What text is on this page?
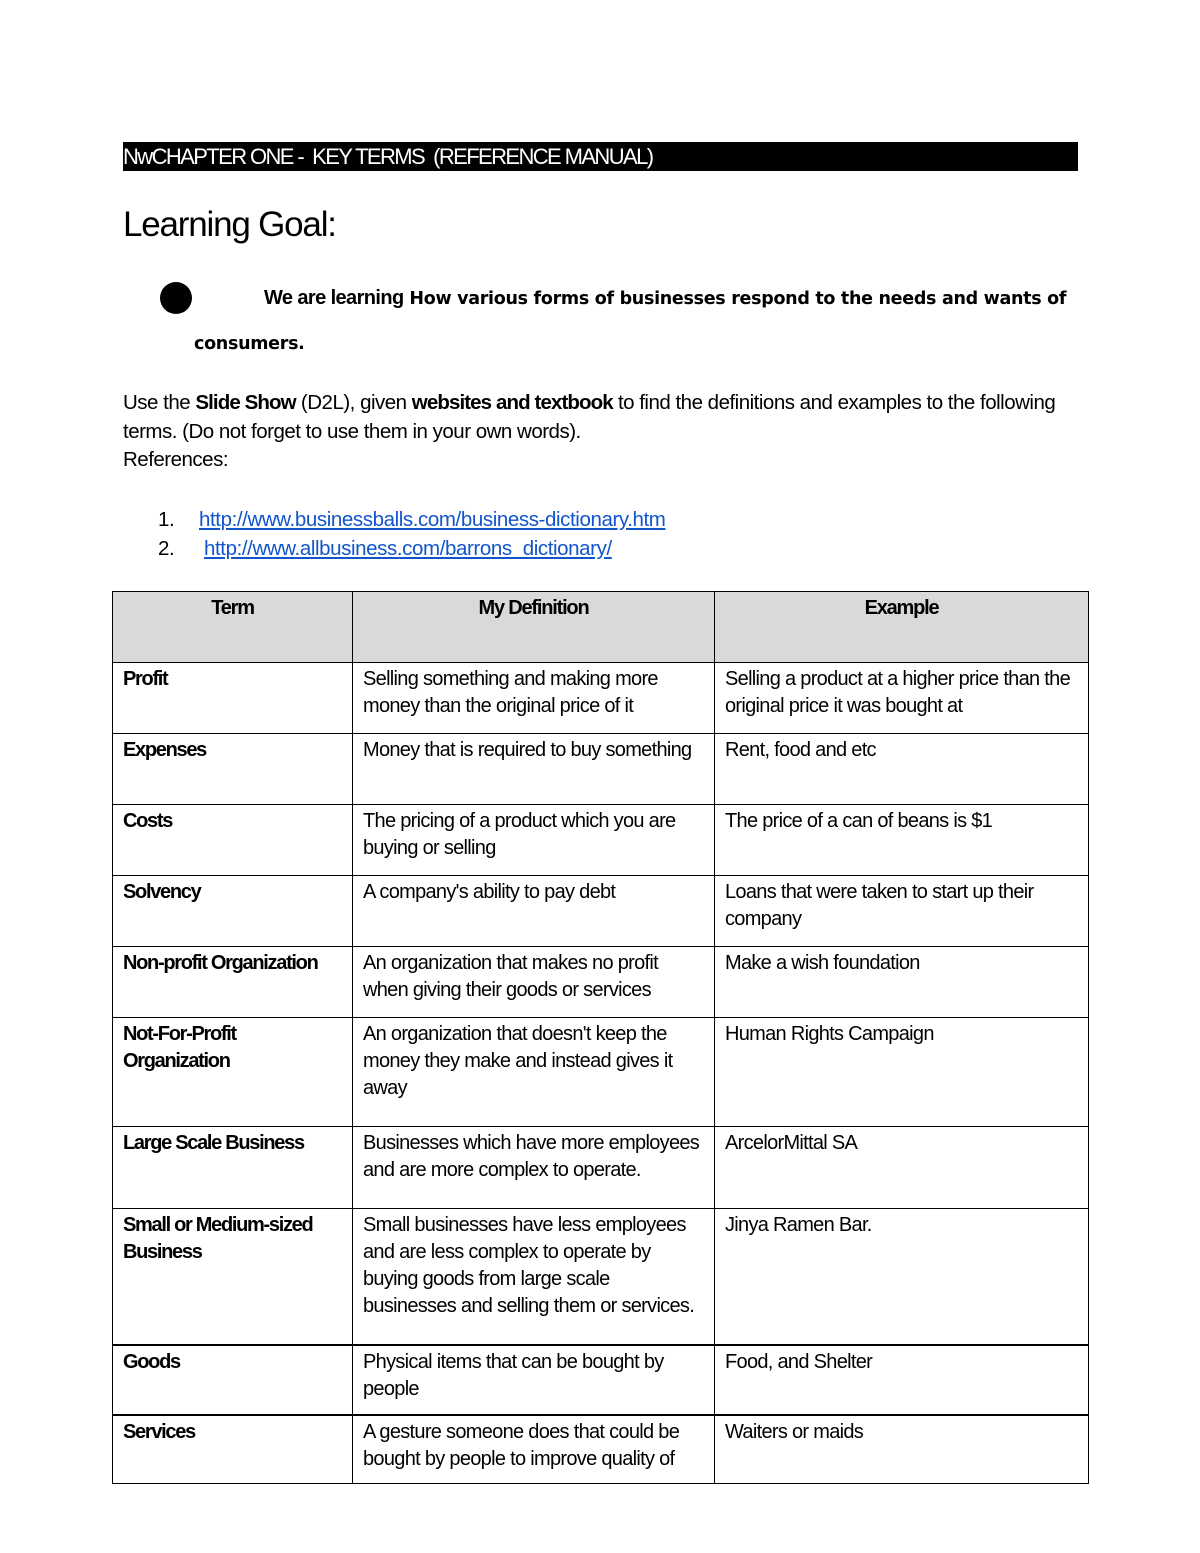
NwCHAPTER ONE -  KEY TERMS  (REFERENCE MANUAL)
Learning Goal:
We are learning How various forms of businesses respond to the needs and wants of
consumers.
Use the Slide Show (D2L), given websites and textbook to find the definitions and examples to the following terms. (Do not forget to use them in your own words).
References:
1. http://www.businessballs.com/business-dictionary.htm
2. http://www.allbusiness.com/barrons_dictionary/
Term	My Definition	Example
Profit	Selling something and making more money than the original price of it	Selling a product at a higher price than the original price it was bought at
Expenses	Money that is required to buy something	Rent, food and etc
Costs	The pricing of a product which you are buying or selling	The price of a can of beans is $1
Solvency	A company's ability to pay debt	Loans that were taken to start up their company
Non-profit Organization	An organization that makes no profit when giving their goods or services	Make a wish foundation
Not-For-Profit Organization	An organization that doesn't keep the money they make and instead gives it away	Human Rights Campaign
Large Scale Business	Businesses which have more employees and are more complex to operate.	ArcelorMittal SA
Small or Medium-sized Business	Small businesses have less employees and are less complex to operate by buying goods from large scale businesses and selling them or services.	Jinya Ramen Bar.
Goods	Physical items that can be bought by people	Food, and Shelter
Services	A gesture someone does that could be bought by people to improve quality of	Waiters or maids
